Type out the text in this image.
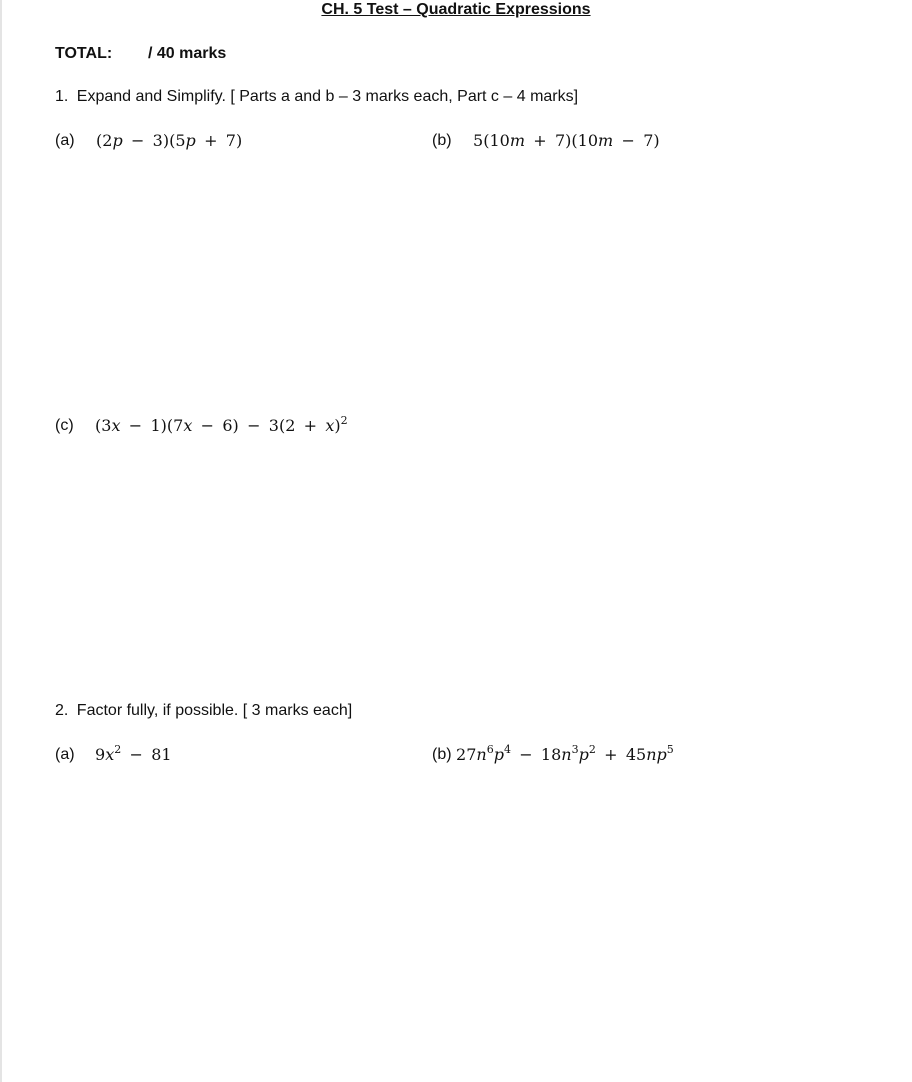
CH. 5 Test – Quadratic Expressions
TOTAL: / 40 marks
1. Expand and Simplify. [ Parts a and b – 3 marks each, Part c – 4 marks]
(a) (2p  −  3)(5p  +  7)	(b) 5(10m  +  7)(10m  −  7)
(c) $(3x - 1)(7x - 6) - 3(2 + x)^2$
2. Factor fully, if possible. [ 3 marks each]
(a) $9x^2 - 81$	(b) $27n^6p^4 - 18n^3p^2 + 45np^5$
